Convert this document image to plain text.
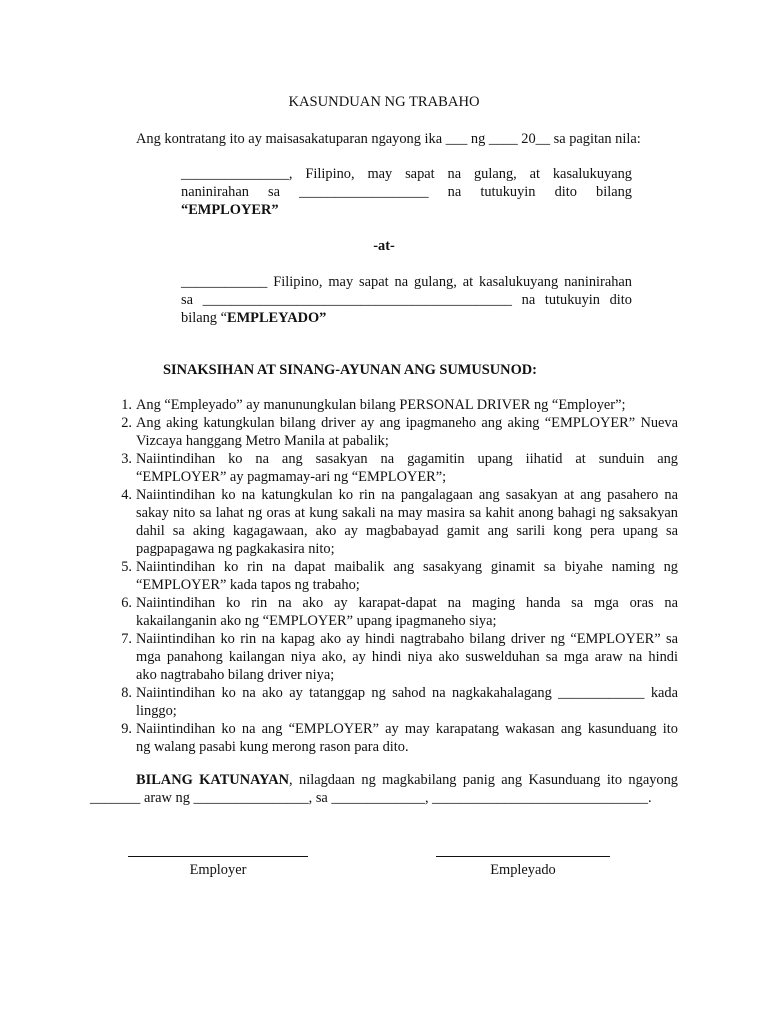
KASUNDUAN NG TRABAHO
Ang kontratang ito ay maisasakatuparan ngayong ika ___ ng ____ 20__ sa pagitan nila:
_______________, Filipino, may sapat na gulang, at kasalukuyang
naninirahan sa __________________ na tutukuyin dito bilang
“EMPLOYER”
-at-
____________ Filipino, may sapat na gulang, at kasalukuyang naninirahan
sa ___________________________________________ na tutukuyin dito
bilang “EMPLEYADO”
SINAKSIHAN AT SINANG-AYUNAN ANG SUMUSUNOD:
1. Ang “Empleyado” ay manunungkulan bilang PERSONAL DRIVER ng “Employer”;
2. Ang aking katungkulan bilang driver ay ang ipagmaneho ang aking “EMPLOYER” Nueva
Vizcaya hanggang Metro Manila at pabalik;
3. Naiintindihan ko na ang sasakyan na gagamitin upang iihatid at sunduin ang
“EMPLOYER” ay pagmamay-ari ng “EMPLOYER”;
4. Naiintindihan ko na katungkulan ko rin na pangalagaan ang sasakyan at ang pasahero na
sakay nito sa lahat ng oras at kung sakali na may masira sa kahit anong bahagi ng saksakyan
dahil sa aking kagagawaan, ako ay magbabayad gamit ang sarili kong pera upang sa
pagpapagawa ng pagkakasira nito;
5. Naiintindihan ko rin na dapat maibalik ang sasakyang ginamit sa biyahe naming ng
“EMPLOYER” kada tapos ng trabaho;
6. Naiintindihan ko rin na ako ay karapat-dapat na maging handa sa mga oras na
kakailanganin ako ng “EMPLOYER” upang ipagmaneho siya;
7. Naiintindihan ko rin na kapag ako ay hindi nagtrabaho bilang driver ng “EMPLOYER” sa
mga panahong kailangan niya ako, ay hindi niya ako suswelduhan sa mga araw na hindi
ako nagtrabaho bilang driver niya;
8. Naiintindihan ko na ako ay tatanggap ng sahod na nagkakahalagang ____________ kada
linggo;
9. Naiintindihan ko na ang “EMPLOYER” ay may karapatang wakasan ang kasunduang ito
ng walang pasabi kung merong rason para dito.
BILANG KATUNAYAN, nilagdaan ng magkabilang panig ang Kasunduang ito ngayong
_______ araw ng ________________, sa _____________, ______________________________.
Employer	Empleyado
